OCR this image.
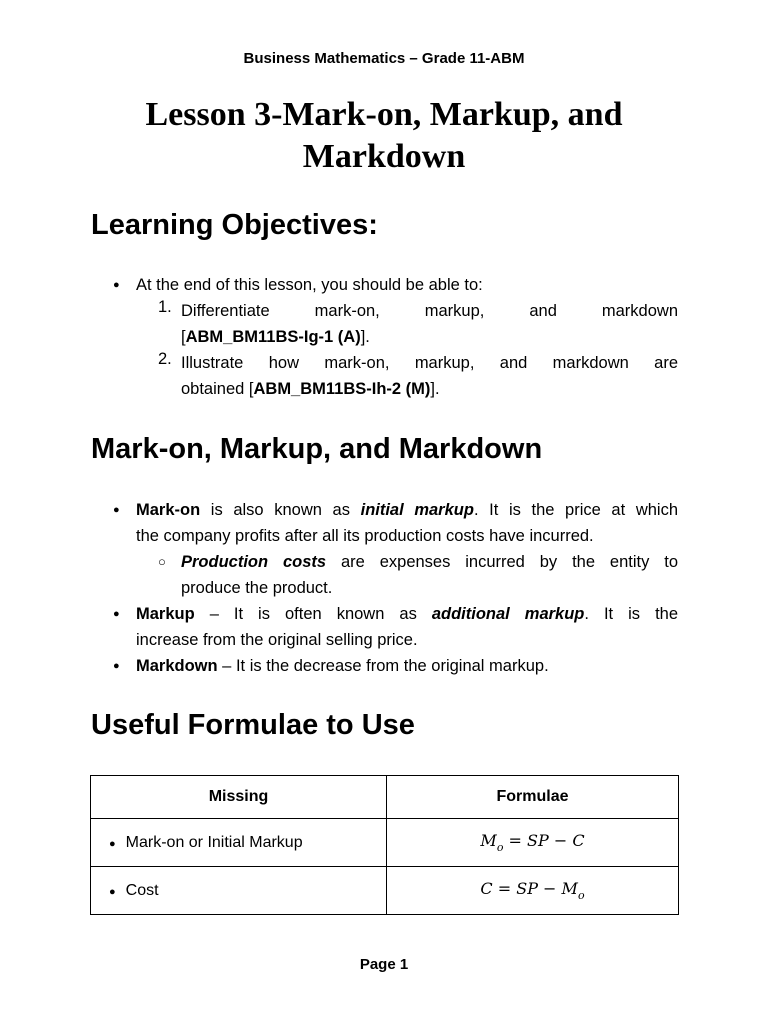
Business Mathematics – Grade 11-ABM
Lesson 3-Mark-on, Markup, and
Markdown
Learning Objectives:
● At the end of this lesson, you should be able to:
1. Differentiate mark-on, markup, and markdown
[ABM_BM11BS-Ig-1 (A)].
2. Illustrate how mark-on, markup, and markdown are
obtained [ABM_BM11BS-Ih-2 (M)].
Mark-on, Markup, and Markdown
● Mark-on is also known as initial markup. It is the price at which
the company profits after all its production costs have incurred.
○ Production costs are expenses incurred by the entity to
produce the product.
● Markup – It is often known as additional markup. It is the
increase from the original selling price.
● Markdown – It is the decrease from the original markup.
Useful Formulae to Use
Missing	Formulae
● Mark-on or Initial Markup	$M_o$ = SP − C
● Cost	C = SP − $M_o$
Page 1
